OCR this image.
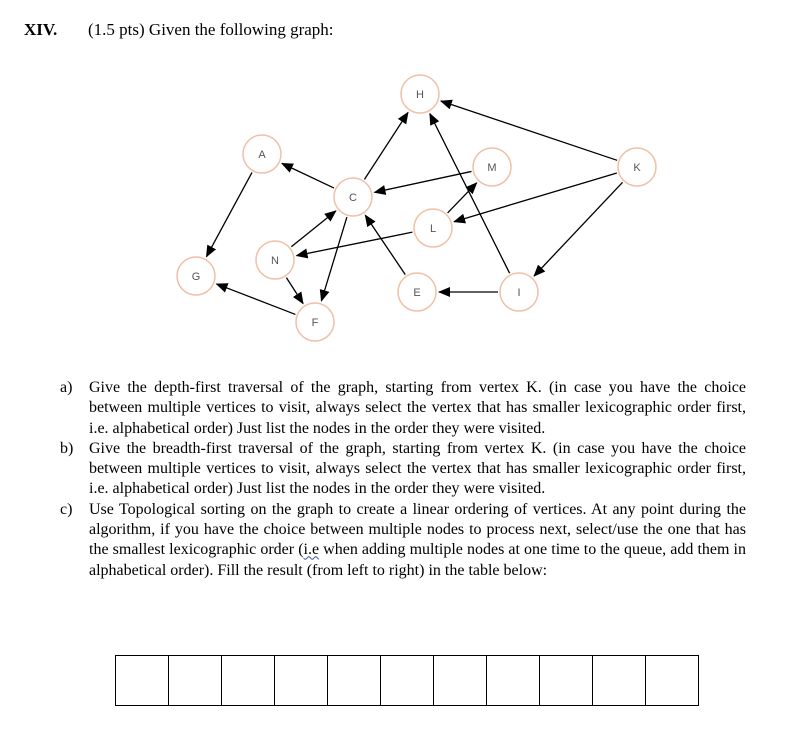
XIV. (1.5 pts) Given the following graph:
A
C
E
F
G
H
I
K
L
M
N
a)	Give the depth-first traversal of the graph, starting from vertex K. (in case you have the choice between multiple vertices to visit, always select the vertex that has smaller lexicographic order first, i.e. alphabetical order) Just list the nodes in the order they were visited.
b) Give the breadth-first traversal of the graph, starting from vertex K. (in case you have the choice between multiple vertices to visit, always select the vertex that has smaller lexicographic order first, i.e. alphabetical order) Just list the nodes in the order they were visited.
c)	Use Topological sorting on the graph to create a linear ordering of vertices. At any point during the algorithm, if you have the choice between multiple nodes to process next, select/use the one that has the smallest lexicographic order (i.e when adding multiple nodes at one time to the queue, add them in alphabetical order). Fill the result (from left to right) in the table below:
